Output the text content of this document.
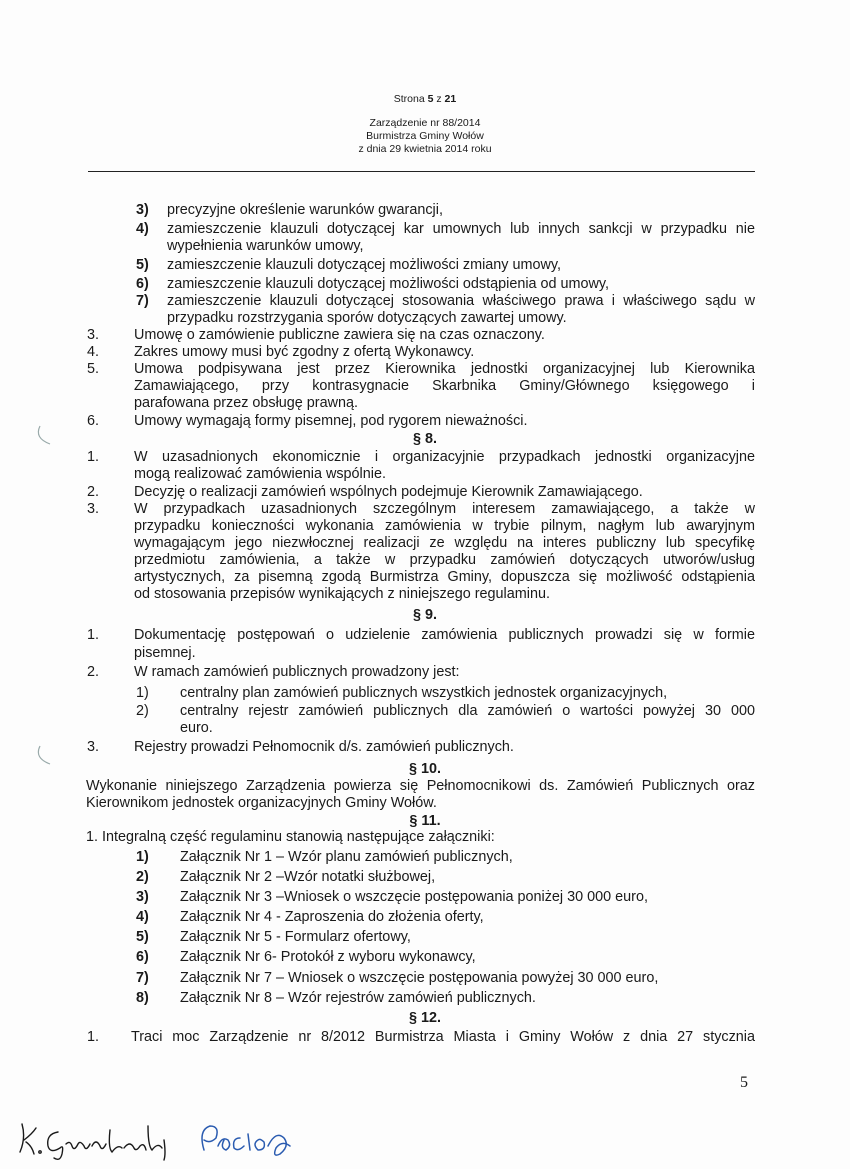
Strona 5 z 21
Zarządzenie nr 88/2014
Burmistrza Gminy Wołów
z dnia 29 kwietnia 2014 roku
3) precyzyjne określenie warunków gwarancji,
4) zamieszczenie klauzuli dotyczącej kar umownych lub innych sankcji w przypadku nie
wypełnienia warunków umowy,
5) zamieszczenie klauzuli dotyczącej możliwości zmiany umowy,
6) zamieszczenie klauzuli dotyczącej możliwości odstąpienia od umowy,
7) zamieszczenie klauzuli dotyczącej stosowania właściwego prawa i właściwego sądu w
przypadku rozstrzygania sporów dotyczących zawartej umowy.
3. Umowę o zamówienie publiczne zawiera się na czas oznaczony.
4. Zakres umowy musi być zgodny z ofertą Wykonawcy.
5. Umowa podpisywana jest przez Kierownika jednostki organizacyjnej lub Kierownika
Zamawiającego, przy kontrasygnacie Skarbnika Gminy/Głównego księgowego i
parafowana przez obsługę prawną.
6. Umowy wymagają formy pisemnej, pod rygorem nieważności.
§ 8.
1. W uzasadnionych ekonomicznie i organizacyjnie przypadkach jednostki organizacyjne
mogą realizować zamówienia wspólnie.
2. Decyzję o realizacji zamówień wspólnych podejmuje Kierownik Zamawiającego.
3. W przypadkach uzasadnionych szczególnym interesem zamawiającego, a także w
przypadku konieczności wykonania zamówienia w trybie pilnym, nagłym lub awaryjnym
wymagającym jego niezwłocznej realizacji ze względu na interes publiczny lub specyfikę
przedmiotu zamówienia, a także w przypadku zamówień dotyczących utworów/usług
artystycznych, za pisemną zgodą Burmistrza Gminy, dopuszcza się możliwość odstąpienia
od stosowania przepisów wynikających z niniejszego regulaminu.
§ 9.
1. Dokumentację postępowań o udzielenie zamówienia publicznych prowadzi się w formie
pisemnej.
2. W ramach zamówień publicznych prowadzony jest:
1) centralny plan zamówień publicznych wszystkich jednostek organizacyjnych,
2) centralny rejestr zamówień publicznych dla zamówień o wartości powyżej 30 000
euro.
3. Rejestry prowadzi Pełnomocnik d/s. zamówień publicznych.
§ 10.
Wykonanie niniejszego Zarządzenia powierza się Pełnomocnikowi ds. Zamówień Publicznych oraz
Kierownikom jednostek organizacyjnych Gminy Wołów.
§ 11.
1. Integralną część regulaminu stanowią następujące załączniki:
1) Załącznik Nr 1 – Wzór planu zamówień publicznych,
2) Załącznik Nr 2 –Wzór notatki służbowej,
3) Załącznik Nr 3 –Wniosek o wszczęcie postępowania poniżej 30 000 euro,
4) Załącznik Nr 4 - Zaproszenia do złożenia oferty,
5) Załącznik Nr 5 - Formularz ofertowy,
6) Załącznik Nr 6- Protokół z wyboru wykonawcy,
7) Załącznik Nr 7 – Wniosek o wszczęcie postępowania powyżej 30 000 euro,
8) Załącznik Nr 8 – Wzór rejestrów zamówień publicznych.
§ 12.
1. Traci moc Zarządzenie nr 8/2012 Burmistrza Miasta i Gminy Wołów z dnia 27 stycznia
5
